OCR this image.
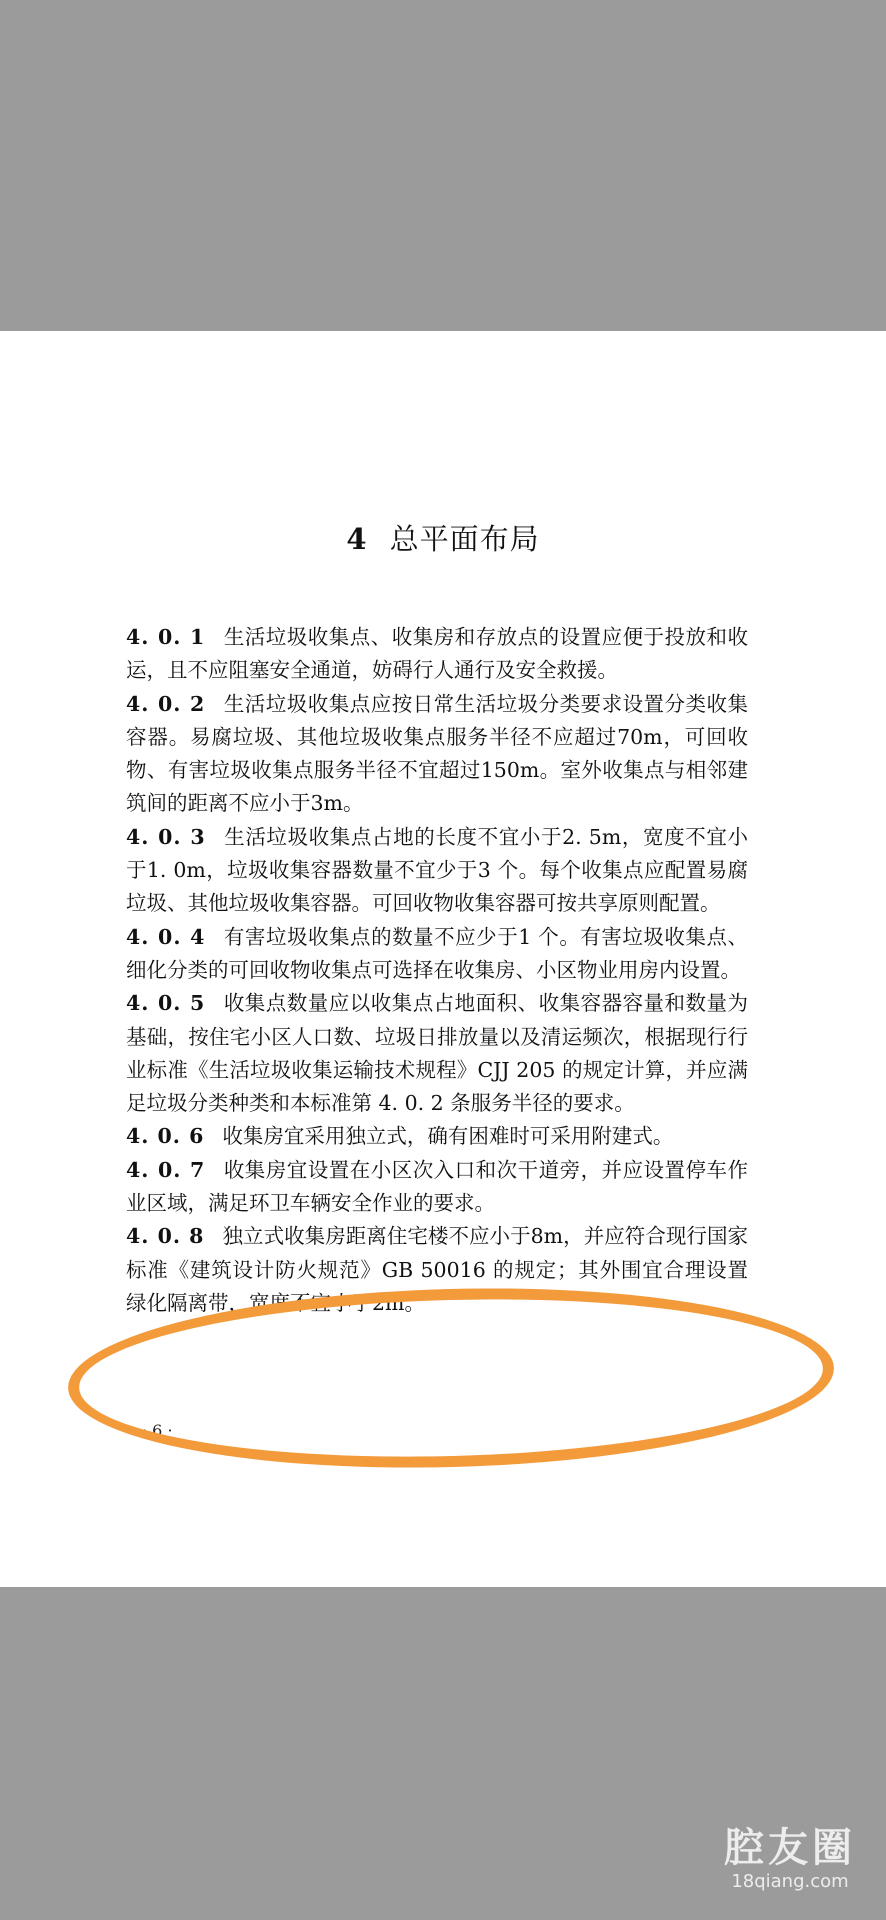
4 总平面布局

4. 0. 1 生活垃圾收集点、收集房和存放点的设置应便于投放和收运，且不应阻塞安全通道，妨碍行人通行及安全救援。

4. 0. 2 生活垃圾收集点应按日常生活垃圾分类要求设置分类收集容器。易腐垃圾、其他垃圾收集点服务半径不应超过70m，可回收物、有害垃圾收集点服务半径不宜超过150m。室外收集点与相邻建筑间的距离不应小于3m。

4. 0. 3 生活垃圾收集点占地的长度不宜小于2. 5m，宽度不宜小于1. 0m，垃圾收集容器数量不宜少于3 个。每个收集点应配置易腐垃圾、其他垃圾收集容器。可回收物收集容器可按共享原则配置。

4. 0. 4 有害垃圾收集点的数量不应少于1 个。有害垃圾收集点、细化分类的可回收物收集点可选择在收集房、小区物业用房内设置。

4. 0. 5 收集点数量应以收集点占地面积、收集容器容量和数量为基础，按住宅小区人口数、垃圾日排放量以及清运频次，根据现行行业标准《生活垃圾收集运输技术规程》CJJ 205 的规定计算，并应满足垃圾分类种类和本标准第 4. 0. 2 条服务半径的要求。

4. 0. 6 收集房宜采用独立式，确有困难时可采用附建式。

4. 0. 7 收集房宜设置在小区次入口和次干道旁，并应设置停车作业区域，满足环卫车辆安全作业的要求。

4. 0. 8 独立式收集房距离住宅楼不应小于8m，并应符合现行国家标准《建筑设计防火规范》GB 50016 的规定；其外围宜合理设置绿化隔离带，宽度不宜小于2m。

· 6 ·
腔友圈
18qiang.com
